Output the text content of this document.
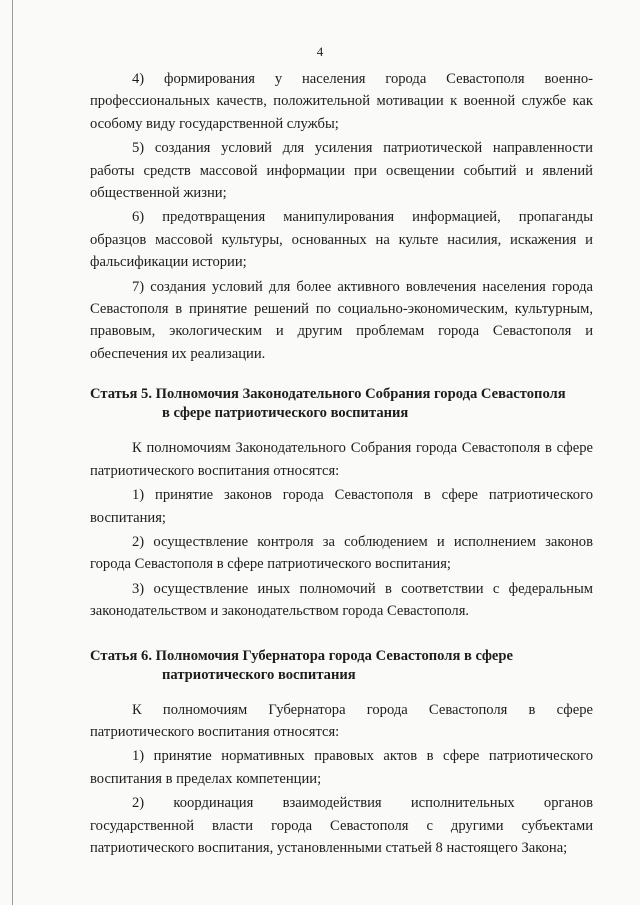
4

4) формирования у населения города Севастополя военно-профессиональных качеств, положительной мотивации к военной службе как особому виду государственной службы;

5) создания условий для усиления патриотической направленности работы средств массовой информации при освещении событий и явлений общественной жизни;

6) предотвращения манипулирования информацией, пропаганды образцов массовой культуры, основанных на культе насилия, искажения и фальсификации истории;

7) создания условий для более активного вовлечения населения города Севастополя в принятие решений по социально-экономическим, культурным, правовым, экологическим и другим проблемам города Севастополя и обеспечения их реализации.

Статья 5. Полномочия Законодательного Собрания города Севастополя
в сфере патриотического воспитания

К полномочиям Законодательного Собрания города Севастополя в сфере патриотического воспитания относятся:

1) принятие законов города Севастополя в сфере патриотического воспитания;

2) осуществление контроля за соблюдением и исполнением законов города Севастополя в сфере патриотического воспитания;

3) осуществление иных полномочий в соответствии с федеральным законодательством и законодательством города Севастополя.

Статья 6. Полномочия Губернатора города Севастополя в сфере
патриотического воспитания

К полномочиям Губернатора города Севастополя в сфере патриотического воспитания относятся:

1) принятие нормативных правовых актов в сфере патриотического воспитания в пределах компетенции;

2) координация взаимодействия исполнительных органов государственной власти города Севастополя с другими субъектами патриотического воспитания, установленными статьей 8 настоящего Закона;
